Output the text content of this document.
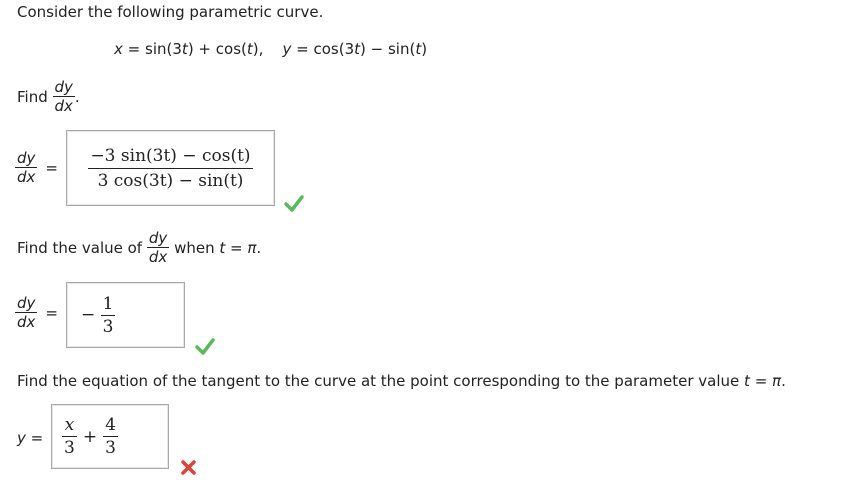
Consider the following parametric curve.
x = sin(3t) + cos(t), y = cos(3t) − sin(t)
Find
$\frac{dy}{dx}$ .
$\frac{dy}{dx} = \frac{-3 \sin(3t) - \cos(t)}{3 \cos(3t) - \sin(t)}$
Find the value of
$\frac{dy}{dx}$
when
t
=
π .
$\frac{dy}{dx}$ = −
$\frac{1}{3}$
Find the equation of the tangent to the curve at the point corresponding to the parameter value t = π.
$y = \frac{x}{3} + \frac{4}{3}$
